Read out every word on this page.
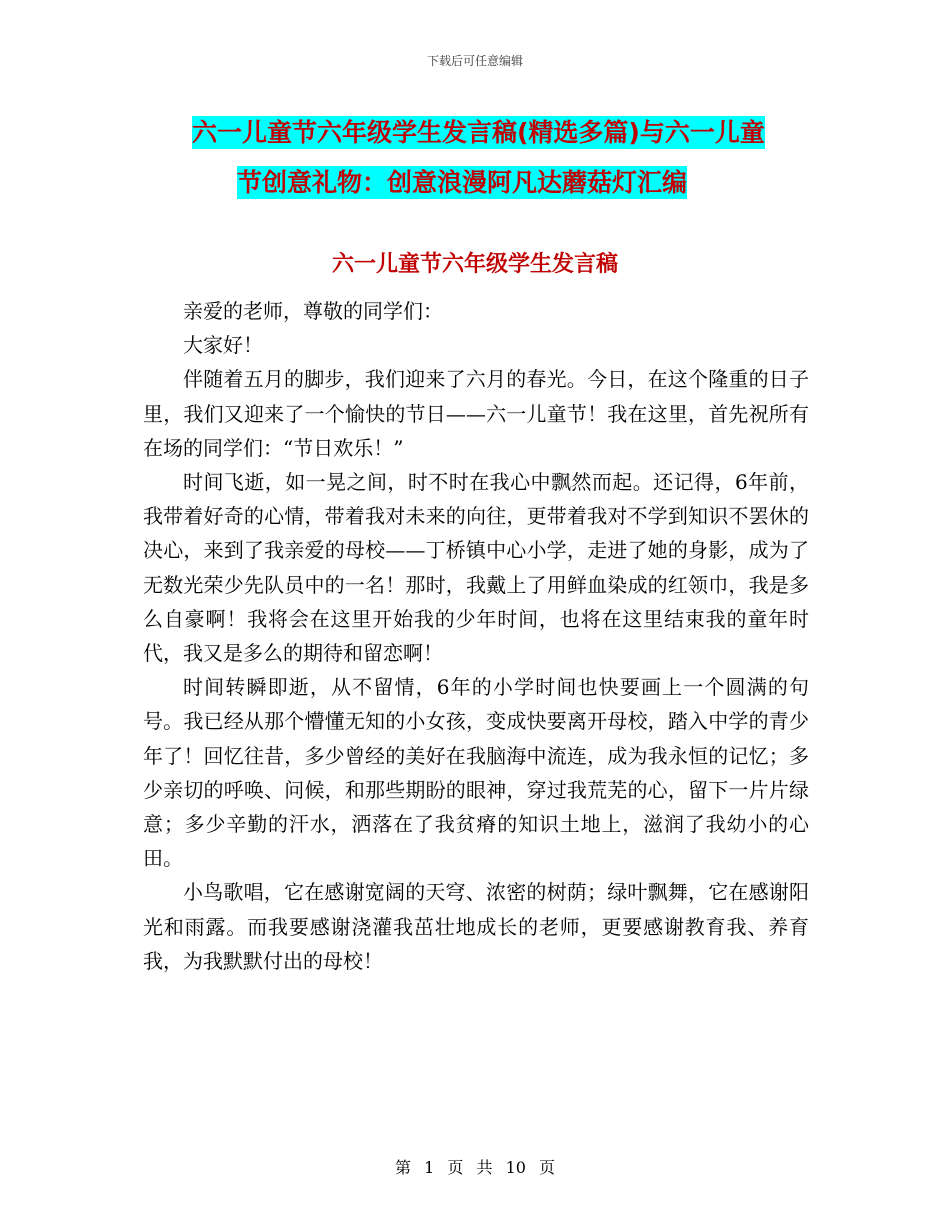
下载后可任意编辑
六一儿童节六年级学生发言稿(精选多篇)与六一儿童
节创意礼物：创意浪漫阿凡达蘑菇灯汇编
六一儿童节六年级学生发言稿

亲爱的老师，尊敬的同学们：

大家好！

伴随着五月的脚步，我们迎来了六月的春光。今日，在这个隆重的日子里，我们又迎来了一个愉快的节日——六一儿童节！我在这里，首先祝所有在场的同学们：“节日欢乐！”

时间飞逝，如一晃之间，时不时在我心中飘然而起。还记得，6年前，我带着好奇的心情，带着我对未来的向往，更带着我对不学到知识不罢休的决心，来到了我亲爱的母校——丁桥镇中心小学，走进了她的身影，成为了无数光荣少先队员中的一名！那时，我戴上了用鲜血染成的红领巾，我是多么自豪啊！我将会在这里开始我的少年时间，也将在这里结束我的童年时代，我又是多么的期待和留恋啊！

时间转瞬即逝，从不留情，6年的小学时间也快要画上一个圆满的句号。我已经从那个懵懂无知的小女孩，变成快要离开母校，踏入中学的青少年了！回忆往昔，多少曾经的美好在我脑海中流连，成为我永恒的记忆；多少亲切的呼唤、问候，和那些期盼的眼神，穿过我荒芜的心，留下一片片绿意；多少辛勤的汗水，洒落在了我贫瘠的知识土地上，滋润了我幼小的心田。

小鸟歌唱，它在感谢宽阔的天穹、浓密的树荫；绿叶飘舞，它在感谢阳光和雨露。而我要感谢浇灌我茁壮地成长的老师，更要感谢教育我、养育我，为我默默付出的母校！

第 1 页 共 10 页
